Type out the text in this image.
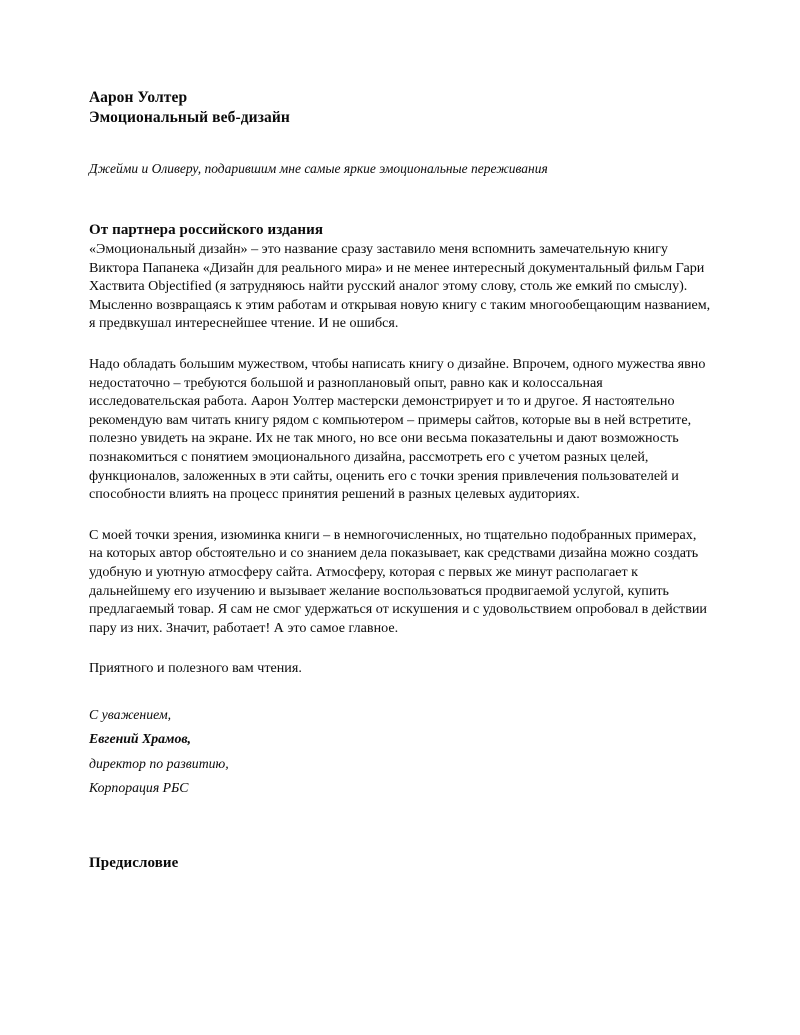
Аарон Уолтер
Эмоциональный веб-дизайн
Джейми и Оливеру, подарившим мне самые яркие эмоциональные переживания
От партнера российского издания

«Эмоциональный дизайн» – это название сразу заставило меня вспомнить замечательную книгу Виктора Папанека «Дизайн для реального мира» и не менее интересный документальный фильм Гари Хаствита Objectified (я затрудняюсь найти русский аналог этому слову, столь же емкий по смыслу). Мысленно возвращаясь к этим работам и открывая новую книгу с таким многообещающим названием, я предвкушал интереснейшее чтение. И не ошибся.

Надо обладать большим мужеством, чтобы написать книгу о дизайне. Впрочем, одного мужества явно недостаточно – требуются большой и разноплановый опыт, равно как и колоссальная исследовательская работа. Аарон Уолтер мастерски демонстрирует и то и другое. Я настоятельно рекомендую вам читать книгу рядом с компьютером – примеры сайтов, которые вы в ней встретите, полезно увидеть на экране. Их не так много, но все они весьма показательны и дают возможность познакомиться с понятием эмоционального дизайна, рассмотреть его с учетом разных целей, функционалов, заложенных в эти сайты, оценить его с точки зрения привлечения пользователей и способности влиять на процесс принятия решений в разных целевых аудиториях.

С моей точки зрения, изюминка книги – в немногочисленных, но тщательно подобранных примерах, на которых автор обстоятельно и со знанием дела показывает, как средствами дизайна можно создать удобную и уютную атмосферу сайта. Атмосферу, которая с первых же минут располагает к дальнейшему его изучению и вызывает желание воспользоваться продвигаемой услугой, купить предлагаемый товар. Я сам не смог удержаться от искушения и с удовольствием опробовал в действии пару из них. Значит, работает! А это самое главное.

Приятного и полезного вам чтения.
С уважением,
Евгений Храмов,
директор по развитию,
Корпорация РБС
Предисловие
